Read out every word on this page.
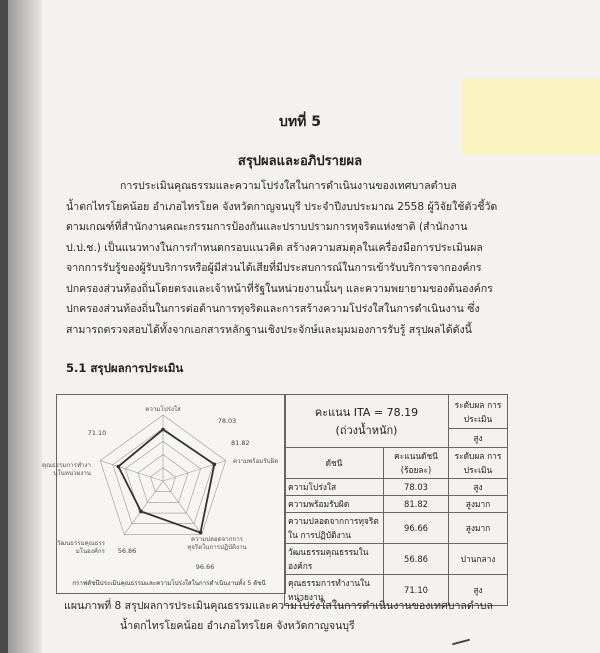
บทที่ 5
สรุปผลและอภิปรายผล

การประเมินคุณธรรมและความโปร่งใสในการดำเนินงานของเทศบาลตำบล
น้ำตกไทรโยคน้อย อำเภอไทรโยค จังหวัดกาญจนบุรี ประจำปีงบประมาณ 2558 ผู้วิจัยใช้ตัวชี้วัด
ตามเกณฑ์ที่สำนักงานคณะกรรมการป้องกันและปราบปรามการทุจริตแห่งชาติ (สำนักงาน
ป.ป.ช.) เป็นแนวทางในการกำหนดกรอบแนวคิด สร้างความสมดุลในเครื่องมือการประเมินผล
จากการรับรู้ของผู้รับบริการหรือผู้มีส่วนได้เสียที่มีประสบการณ์ในการเข้ารับบริการจากองค์กร
ปกครองส่วนท้องถิ่นโดยตรงและเจ้าหน้าที่รัฐในหน่วยงานนั้นๆ และความพยายามของต้นองค์กร
ปกครองส่วนท้องถิ่นในการต่อต้านการทุจริตและการสร้างความโปร่งใสในการดำเนินงาน ซึ่ง
สามารถตรวจสอบได้ทั้งจากเอกสารหลักฐานเชิงประจักษ์และมุมมองการรับรู้ สรุปผลได้ดังนี้

5.1 สรุปผลการประเมิน
ความโปร่งใส
ความพร้อมรับผิด
ความปลอดจากการทุจริตในการปฏิบัติงาน
วัฒนธรรมคุณธรรมในองค์กร
คุณธรรมการทำงานในหน่วยงาน
78.03
81.82
96.66
56.86
71.10
กราฟดัชนีประเมินคุณธรรมและความโปร่งใสในการดำเนินงานทั้ง 5 ดัชนี
คะแนน ITA = 78.19
(ถ่วงน้ำหนัก)		ระดับผล การประเมิน
		สูง
ดัชนี	คะแนนดัชนี (ร้อยละ)	ระดับผล การประเมิน
ความโปร่งใส	78.03	สูง
ความพร้อมรับผิด	81.82	สูงมาก
ความปลอดจากการทุจริตใน การปฏิบัติงาน	96.66	สูงมาก
วัฒนธรรมคุณธรรมในองค์กร	56.86	ปานกลาง
คุณธรรมการทำงานในหน่วยงาน	71.10	สูง
แผนภาพที่ 8 สรุปผลการประเมินคุณธรรมและความโปร่งใสในการดำเนินงานของเทศบาลตำบล
น้ำตกไทรโยคน้อย อำเภอไทรโยค จังหวัดกาญจนบุรี
